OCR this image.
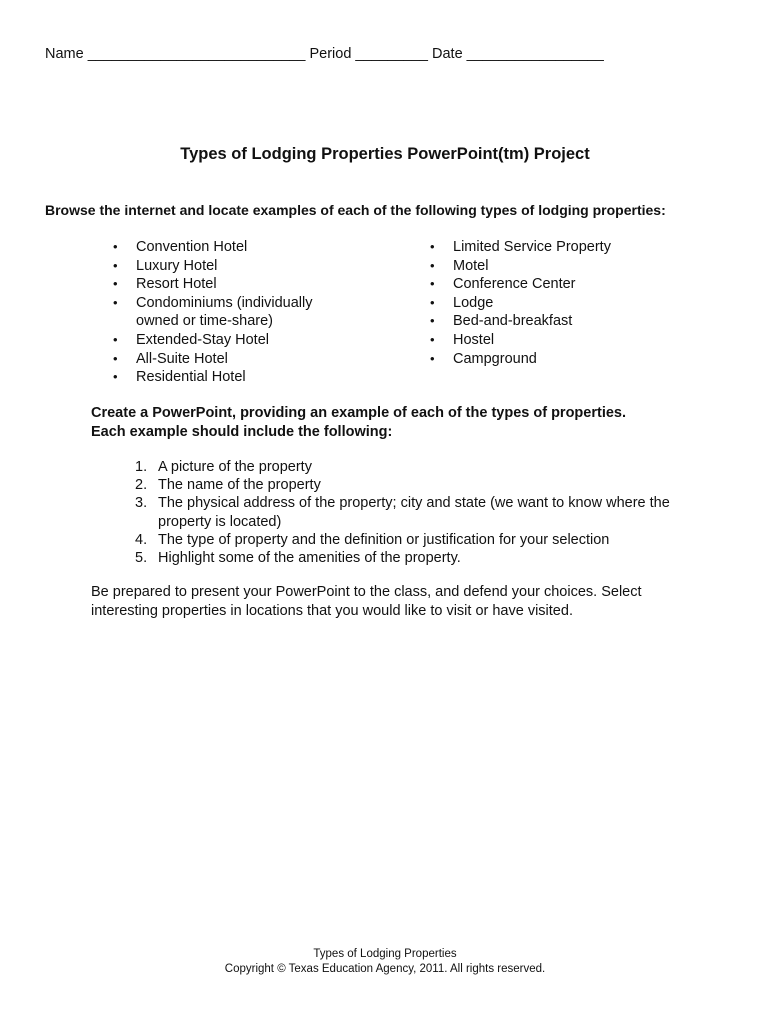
Name ___________________________ Period _________ Date _________________
Types of Lodging Properties PowerPoint(tm) Project
Browse the internet and locate examples of each of the following types of lodging properties:
• Convention Hotel
• Luxury Hotel
• Resort Hotel
• Condominiums (individually owned or time-share)
• Extended-Stay Hotel
• All-Suite Hotel
• Residential Hotel
• Limited Service Property
• Motel
• Conference Center
• Lodge
• Bed-and-breakfast
• Hostel
• Campground
Create a PowerPoint, providing an example of each of the types of properties.
Each example should include the following:
1. A picture of the property
2. The name of the property
3. The physical address of the property; city and state (we want to know where the property is located)
4. The type of property and the definition or justification for your selection
5. Highlight some of the amenities of the property.
Be prepared to present your PowerPoint to the class, and defend your choices. Select interesting properties in locations that you would like to visit or have visited.
Types of Lodging Properties
Copyright © Texas Education Agency, 2011. All rights reserved.
